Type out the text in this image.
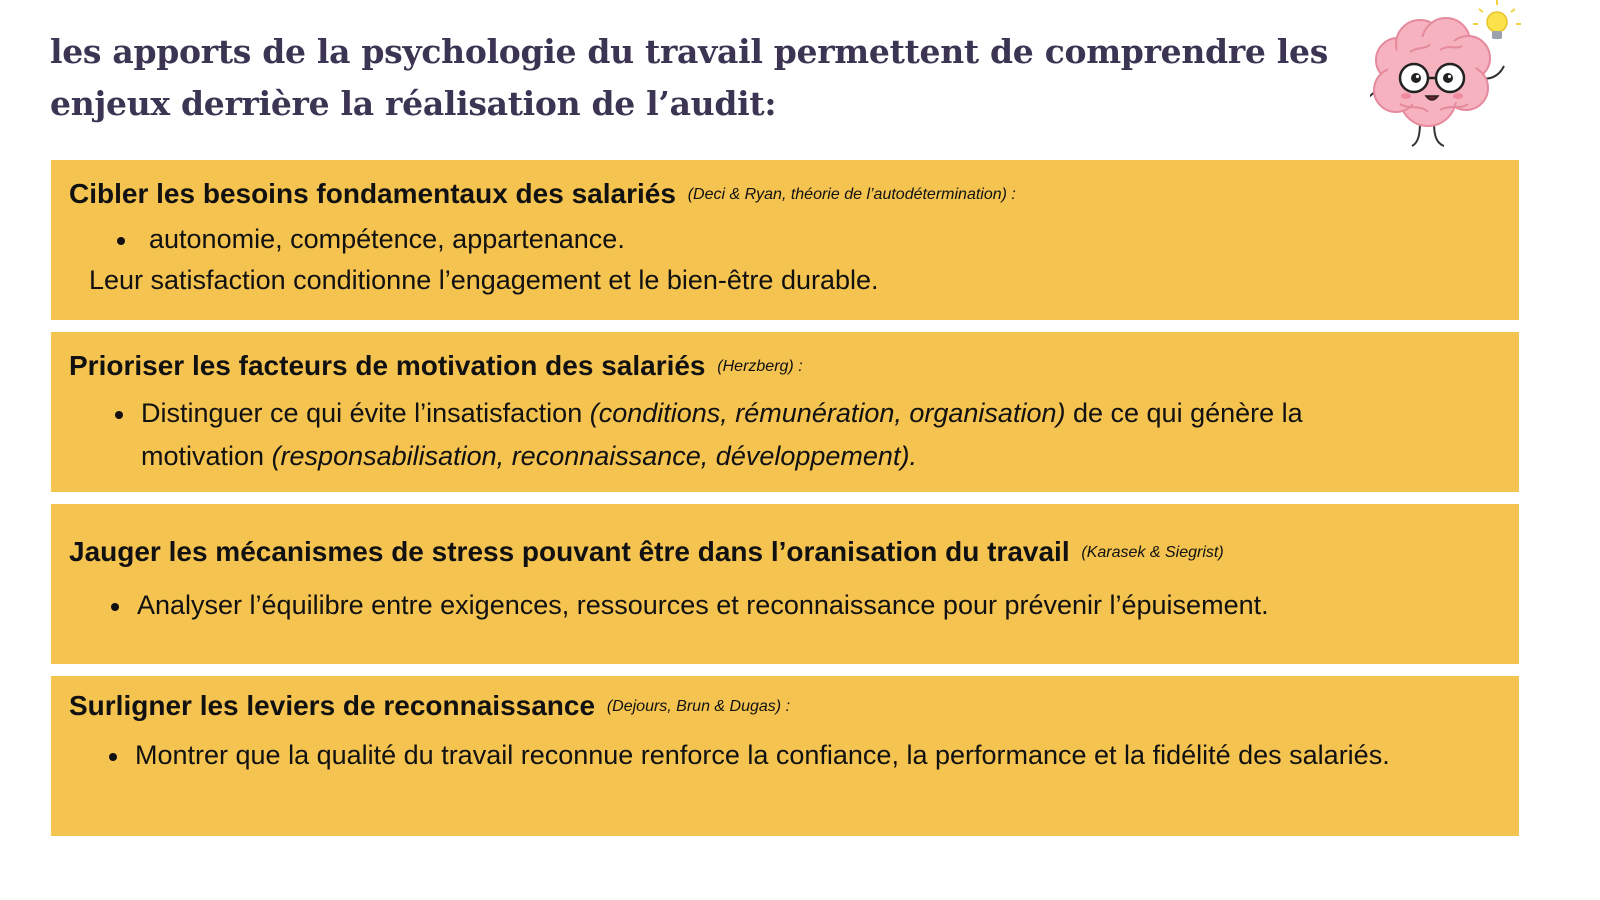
les apports de la psychologie du travail permettent de comprendre les enjeux derrière la réalisation de l’audit:
Cibler les besoins fondamentaux des salariés (Deci & Ryan, théorie de l’autodétermination) :
autonomie, compétence, appartenance.

Leur satisfaction conditionne l’engagement et le bien-être durable.

Prioriser les facteurs de motivation des salariés (Herzberg) :
Distinguer ce qui évite l’insatisfaction (conditions, rémunération, organisation) de ce qui génère la motivation (responsabilisation, reconnaissance, développement).
Jauger les mécanismes de stress pouvant être dans l’oranisation du travail (Karasek & Siegrist)
Analyser l’équilibre entre exigences, ressources et reconnaissance pour prévenir l’épuisement.
Surligner les leviers de reconnaissance (Dejours, Brun & Dugas) :
Montrer que la qualité du travail reconnue renforce la confiance, la performance et la fidélité des salariés.
